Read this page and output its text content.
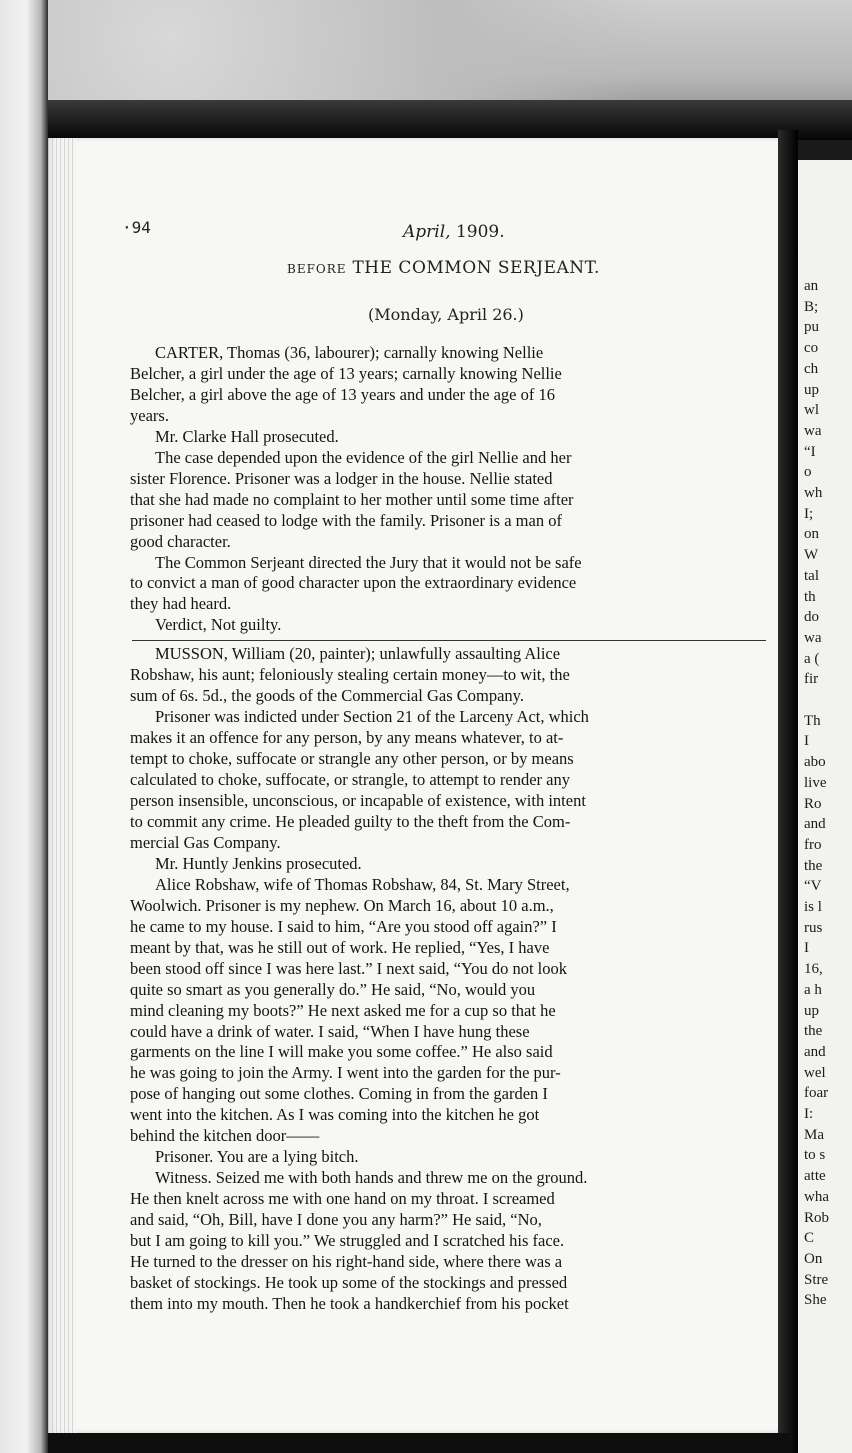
·94	April, 1909.
BEFORE THE COMMON SERJEANT.
(Monday, April 26.)
CARTER, Thomas (36, labourer); carnally knowing Nellie
Belcher, a girl under the age of 13 years; carnally knowing Nellie
Belcher, a girl above the age of 13 years and under the age of 16
years.
Mr. Clarke Hall prosecuted.
The case depended upon the evidence of the girl Nellie and her
sister Florence. Prisoner was a lodger in the house. Nellie stated
that she had made no complaint to her mother until some time after
prisoner had ceased to lodge with the family. Prisoner is a man of
good character.
The Common Serjeant directed the Jury that it would not be safe
to convict a man of good character upon the extraordinary evidence
they had heard.
Verdict, Not guilty.
MUSSON, William (20, painter); unlawfully assaulting Alice
Robshaw, his aunt; feloniously stealing certain money—to wit, the
sum of 6s. 5d., the goods of the Commercial Gas Company.
Prisoner was indicted under Section 21 of the Larceny Act, which
makes it an offence for any person, by any means whatever, to at-
tempt to choke, suffocate or strangle any other person, or by means
calculated to choke, suffocate, or strangle, to attempt to render any
person insensible, unconscious, or incapable of existence, with intent
to commit any crime. He pleaded guilty to the theft from the Com-
mercial Gas Company.
Mr. Huntly Jenkins prosecuted.
Alice Robshaw, wife of Thomas Robshaw, 84, St. Mary Street,
Woolwich. Prisoner is my nephew. On March 16, about 10 a.m.,
he came to my house. I said to him, “Are you stood off again?” I
meant by that, was he still out of work. He replied, “Yes, I have
been stood off since I was here last.” I next said, “You do not look
quite so smart as you generally do.” He said, “No, would you
mind cleaning my boots?” He next asked me for a cup so that he
could have a drink of water. I said, “When I have hung these
garments on the line I will make you some coffee.” He also said
he was going to join the Army. I went into the garden for the pur-
pose of hanging out some clothes. Coming in from the garden I
went into the kitchen. As I was coming into the kitchen he got
behind the kitchen door——
Prisoner. You are a lying bitch.
Witness. Seized me with both hands and threw me on the ground.
He then knelt across me with one hand on my throat. I screamed
and said, “Oh, Bill, have I done you any harm?” He said, “No,
but I am going to kill you.” We struggled and I scratched his face.
He turned to the dresser on his right-hand side, where there was a
basket of stockings. He took up some of the stockings and pressed
them into my mouth. Then he took a handkerchief from his pocket
an
B;
pu
co
ch
up
wl
wa
“I
o
wh
I;
on
W
tal
th
do
wa
a (
fir
Th
I
abo
live
Ro
and
fro
the
“V
is l
rus
I
16,
a h
up
the
and
wel
foar
I:
Ma
to s
atte
wha
Rob
C
On
Stre
She
